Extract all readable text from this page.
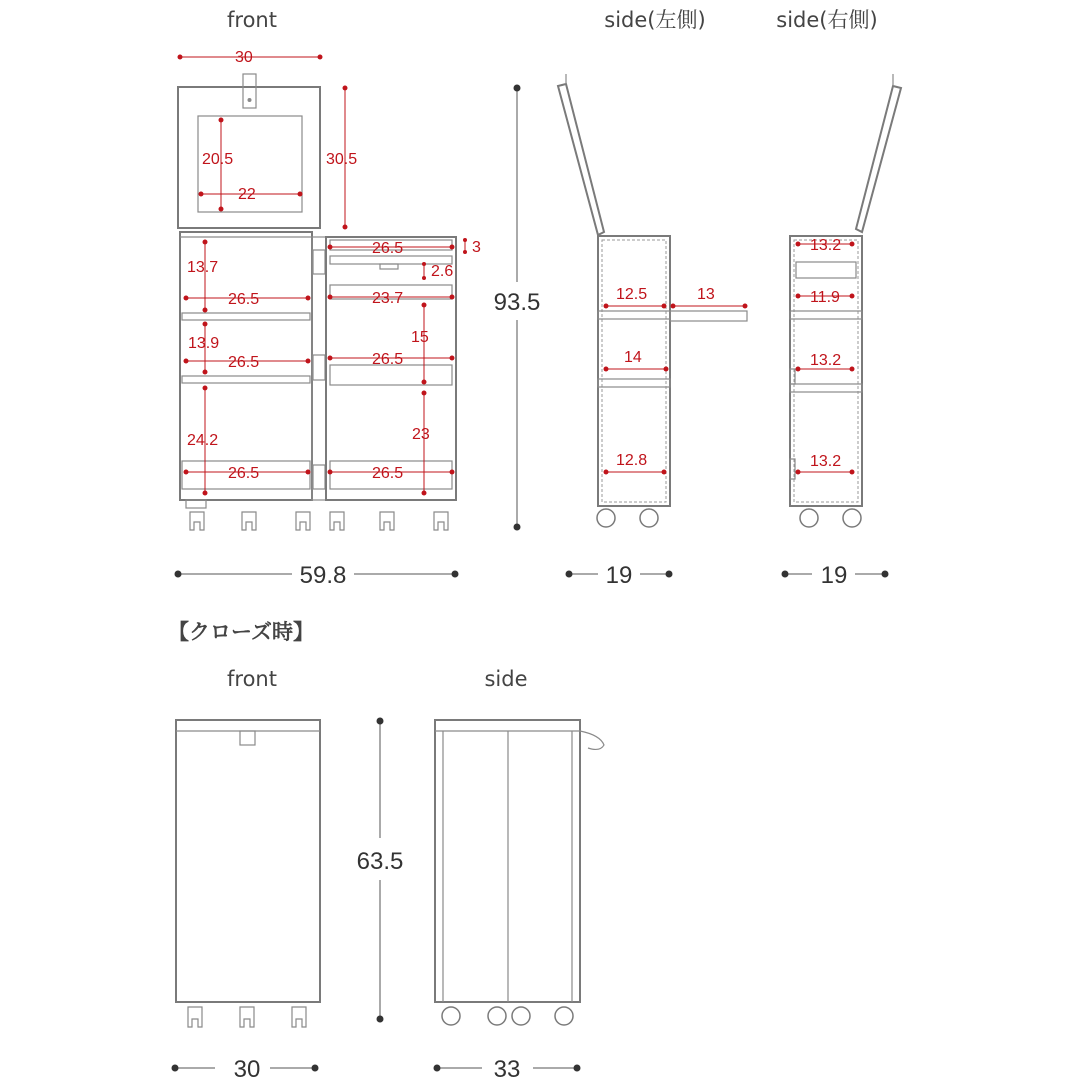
front	side(左側)	side(右側)
30
20.5	30.5
22
13.7
26.5
13.9
26.5
24.2
26.5
26.5	3
2.6
23.7
15
26.5
23
26.5
59.8
93.5	12.5	13
14
12.8
19
13.2
11.9
13.2
13.2
19
【クローズ時】
front	side
30
63.5
33
